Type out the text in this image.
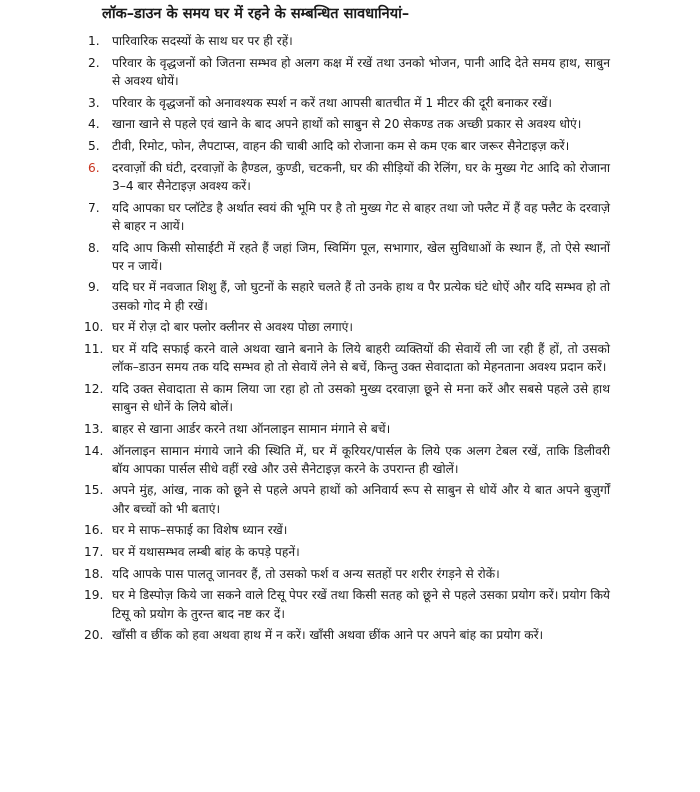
लॉक–डाउन के समय घर में रहने के सम्बन्धित सावधानियां–
1.	पारिवारिक सदस्यों के साथ घर पर ही रहें।
2.	परिवार के वृद्धजनों को जितना सम्भव हो अलग कक्ष में रखें तथा उनको भोजन, पानी आदि देते समय हाथ, साबुन से अवश्य धोयें।
3.	परिवार के वृद्धजनों को अनावश्यक स्पर्श न करें तथा आपसी बातचीत में 1 मीटर की दूरी बनाकर रखें।
4.	खाना खाने से पहले एवं खाने के बाद अपने हाथों को साबुन से 20 सेकण्ड तक अच्छी प्रकार से अवश्य धोएं।
5.	टीवी, रिमोट, फोन, लैपटाप्स, वाहन की चाबी आदि को रोजाना कम से कम एक बार जरूर सैनेटाइज़ करें।
6.	दरवाज़ों की घंटी, दरवाज़ों के हैण्डल, कुण्डी, चटकनी, घर की सीड़ियों की रेलिंग, घर के मुख्य गेट आदि को रोजाना 3–4 बार सैनेटाइज़ अवश्य करें।
7.	यदि आपका घर प्लॉटेड है अर्थात स्वयं की भूमि पर है तो मुख्य गेट से बाहर तथा जो फ्लैट में हैं वह फ्लैट के दरवाज़े से बाहर न आयें।
8.	यदि आप किसी सोसाईटी में रहते हैं जहां जिम, स्विमिंग पूल, सभागार, खेल सुविधाओं के स्थान हैं, तो ऐसे स्थानों पर न जायें।
9.	यदि घर में नवजात शिशु हैं, जो घुटनों के सहारे चलते हैं तो उनके हाथ व पैर प्रत्येक घंटे धोऐं और यदि सम्भव हो तो उसको गोद मे ही रखें।
10. घर में रोज़ दो बार फ्लोर क्लीनर से अवश्य पोछा लगाएं।
11. घर में यदि सफाई करने वाले अथवा खाने बनाने के लिये बाहरी व्यक्तियों की सेवायें ली जा रही हैं हों, तो उसको लॉक–डाउन समय तक यदि सम्भव हो तो सेवायें लेने से बचें, किन्तु उक्त सेवादाता को मेहनताना अवश्य प्रदान करें।
12. यदि उक्त सेवादाता से काम लिया जा रहा हो तो उसको मुख्य दरवाज़ा छूने से मना करें और सबसे पहले उसे हाथ साबुन से धोनें के लिये बोलें।
13. बाहर से खाना आर्डर करने तथा ऑनलाइन सामान मंगाने से बचें।
14. ऑनलाइन सामान मंगाये जाने की स्थिति में, घर में कूरियर/पार्सल के लिये एक अलग टेबल रखें, ताकि डिलीवरी बॉय आपका पार्सल सीधे वहीं रखे और उसे सैनेटाइज़ करने के उपरान्त ही खोलें।
15. अपने मुंह, आंख, नाक को छूने से पहले अपने हाथों को अनिवार्य रूप से साबुन से धोयें और ये बात अपने बुज़ुर्गों और बच्चों को भी बताएं।
16. घर मे साफ–सफाई का विशेष ध्यान रखें।
17. घर में यथासम्भव लम्बी बांह के कपड़े पहनें।
18. यदि आपके पास पालतू जानवर हैं, तो उसको फर्श व अन्य सतहों पर शरीर रंगड़ने से रोकें।
19. घर मे डिस्पोज़ किये जा सकने वाले टिसू पेपर रखें तथा किसी सतह को छूने से पहले उसका प्रयोग करें। प्रयोग किये टिसू को प्रयोग के तुरन्त बाद नष्ट कर दें।
20. खॉंसी व छींक को हवा अथवा हाथ में न करें। खॉंसी अथवा छींक आने पर अपने बांह का प्रयोग करें।
